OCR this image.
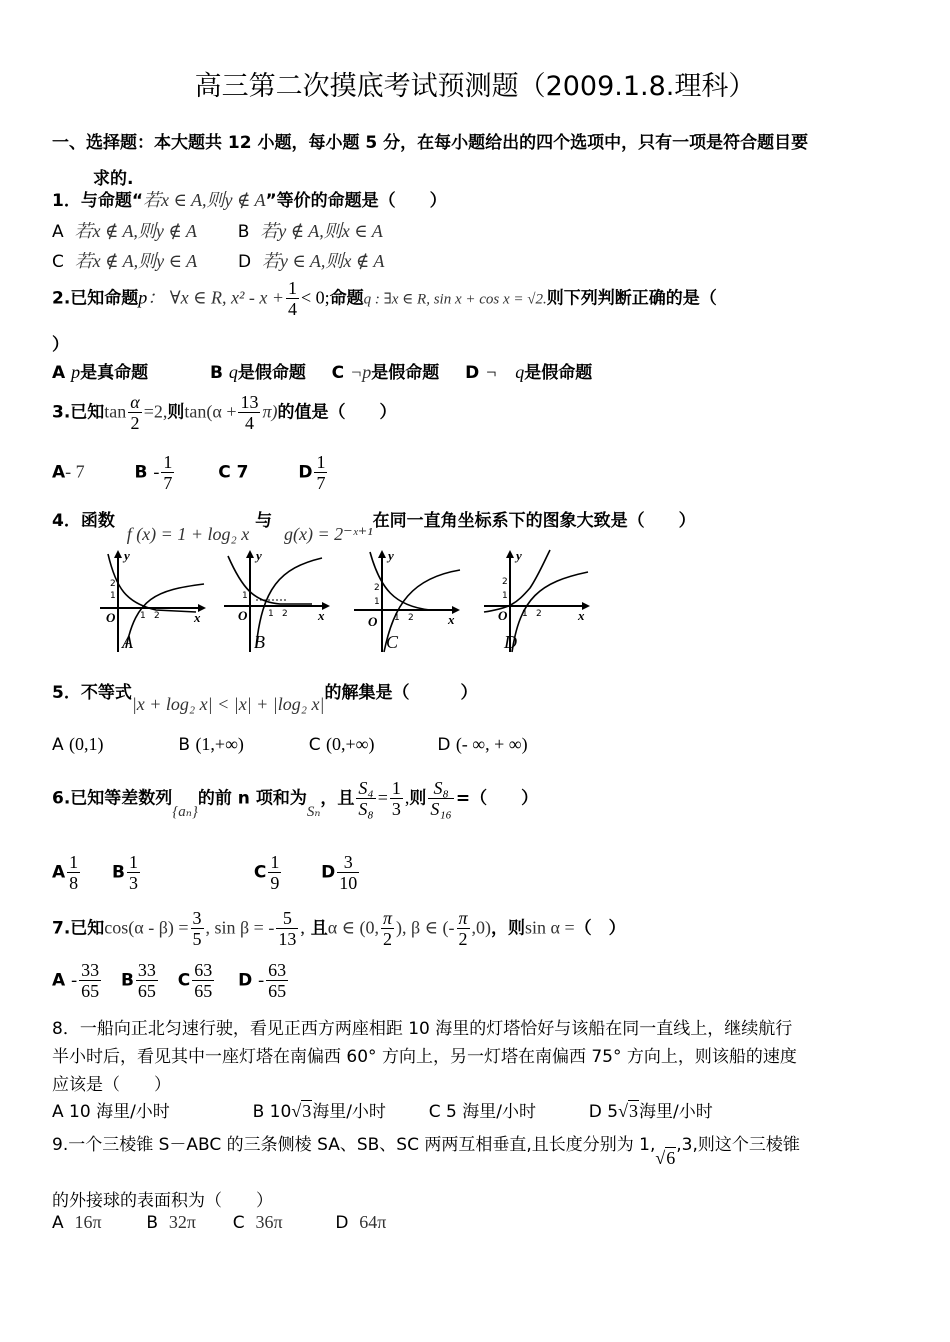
高三第二次摸底考试预测题（2009.1.8.理科）
一、选择题：本大题共 12 小题，每小题 5 分，在每小题给出的四个选项中，只有一项是符合题目要
求的.
1．与命题“若x ∈ A,则y ∉ A”等价的命题是（　　）
A 若x ∉ A,则y ∉ A B 若y ∉ A,则x ∈ A
C 若x ∉ A,则y ∈ A D 若y ∈ A,则x ∉ A
2.已知命题p： ∀x ∈ R, $x^2 - x + \frac{1}{4} < 0$;命题q : ∃x ∈ R, sin x + cos x = √2.则下列判断正确的是（
）
A p是真命题	B q是假命题 C ¬p是假命题 D ¬　q是假命题
3.已知$\tan \frac{\alpha}{2} =2$,则$\tan(\alpha + \frac{13}{4} \pi)$的值是（　　）
A- 7	B - $\frac{1}{7}$	C 7	D $\frac{1}{7}$
4．函数  f (x) = 1 + log₂ x 与  g(x) = 2⁻ˣ⁺¹在同一直角坐标系下的图象大致是（　　）
y
x
O
2
1
1 2
y
x
O
1
1 2
y
x
O
2
1
1 2
y
x
O
2
1
1 2
A	B	C	D
5．不等式|x + log₂ x| < |x| + |log₂ x|的解集是（　　　）
A (0,1)	B (1,+∞)	C (0,+∞)	D (- ∞, + ∞)
6.已知等差数列{aₙ}的前 n 项和为Sₙ，且 $\frac{\text{S₄}}{\text{S₈}} = \frac{1}{3}$ ,则 $\frac{\text{S₈}}{\text{S₁₆}}$ =（　　）
A $\frac{1}{8}$ B $\frac{1}{3}$	C $\frac{1}{9}$ D $\frac{3}{10}$
7.已知$\cos(\alpha - \beta) = \frac{3}{5}$ , sin β = - $\frac{5}{13}$ , 且α ∈ (0, $\frac{\pi}{2}$ ), β ∈ (- $\frac{\pi}{2} ,0$)，则sin α =（　）
A - $\frac{33}{65}$ B $\frac{33}{65}$ C $\frac{63}{65}$ D - $\frac{63}{65}$
8．一船向正北匀速行驶，看见正西方两座相距 10 海里的灯塔恰好与该船在同一直线上，继续航行
半小时后，看见其中一座灯塔在南偏西 60° 方向上，另一灯塔在南偏西 75° 方向上，则该船的速度
应该是（　　）
A 10 海里/小时	B 10√3海里/小时	C 5 海里/小时	D 5√3海里/小时
9.一个三棱锥 S－ABC 的三条侧棱 SA、SB、SC 两两互相垂直,且长度分别为 1,√6,3,则这个三棱锥
的外接球的表面积为（　　）
A 16π	B 32π C 36π	D 64π
